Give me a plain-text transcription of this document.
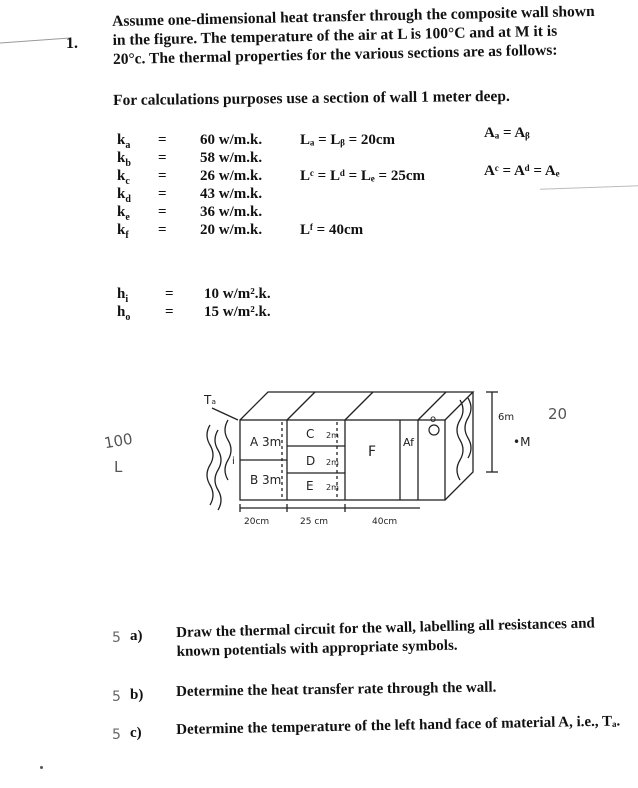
1.
Assume one-dimensional heat transfer through the composite wall shown
in the figure. The temperature of the air at L is 100°C and at M it is
20°c. The thermal properties for the various sections are as follows:
For calculations purposes use a section of wall 1 meter deep.
$k_a$	=	60 w/m.k.	Lₐ = Lᵦ = 20cm
$k_b$	=	58 w/m.k.
$k_c$	=	26 w/m.k.	Lᶜ = Lᵈ = Lₑ = 25cm
$k_d$	=	43 w/m.k.
$k_e$	=	36 w/m.k.
$k_f$	=	20 w/m.k.	Lᶠ = 40cm
Aₐ = Aᵦ
Aᶜ = Aᵈ = Aₑ
$h_i$	=	10 w/m².k.
$h_o$	=	15 w/m².k.
Tₐ
A 3m
B 3m
C 2m
D 2m
E 2m
F
Af
i
o	6m
•M
20cm	25 cm	40cm
100
L
20
5 a) Draw the thermal circuit for the wall, labelling all resistances and known potentials with appropriate symbols.
5 b) Determine the heat transfer rate through the wall.
5 c) Determine the temperature of the left hand face of material A, i.e., Tₐ.
